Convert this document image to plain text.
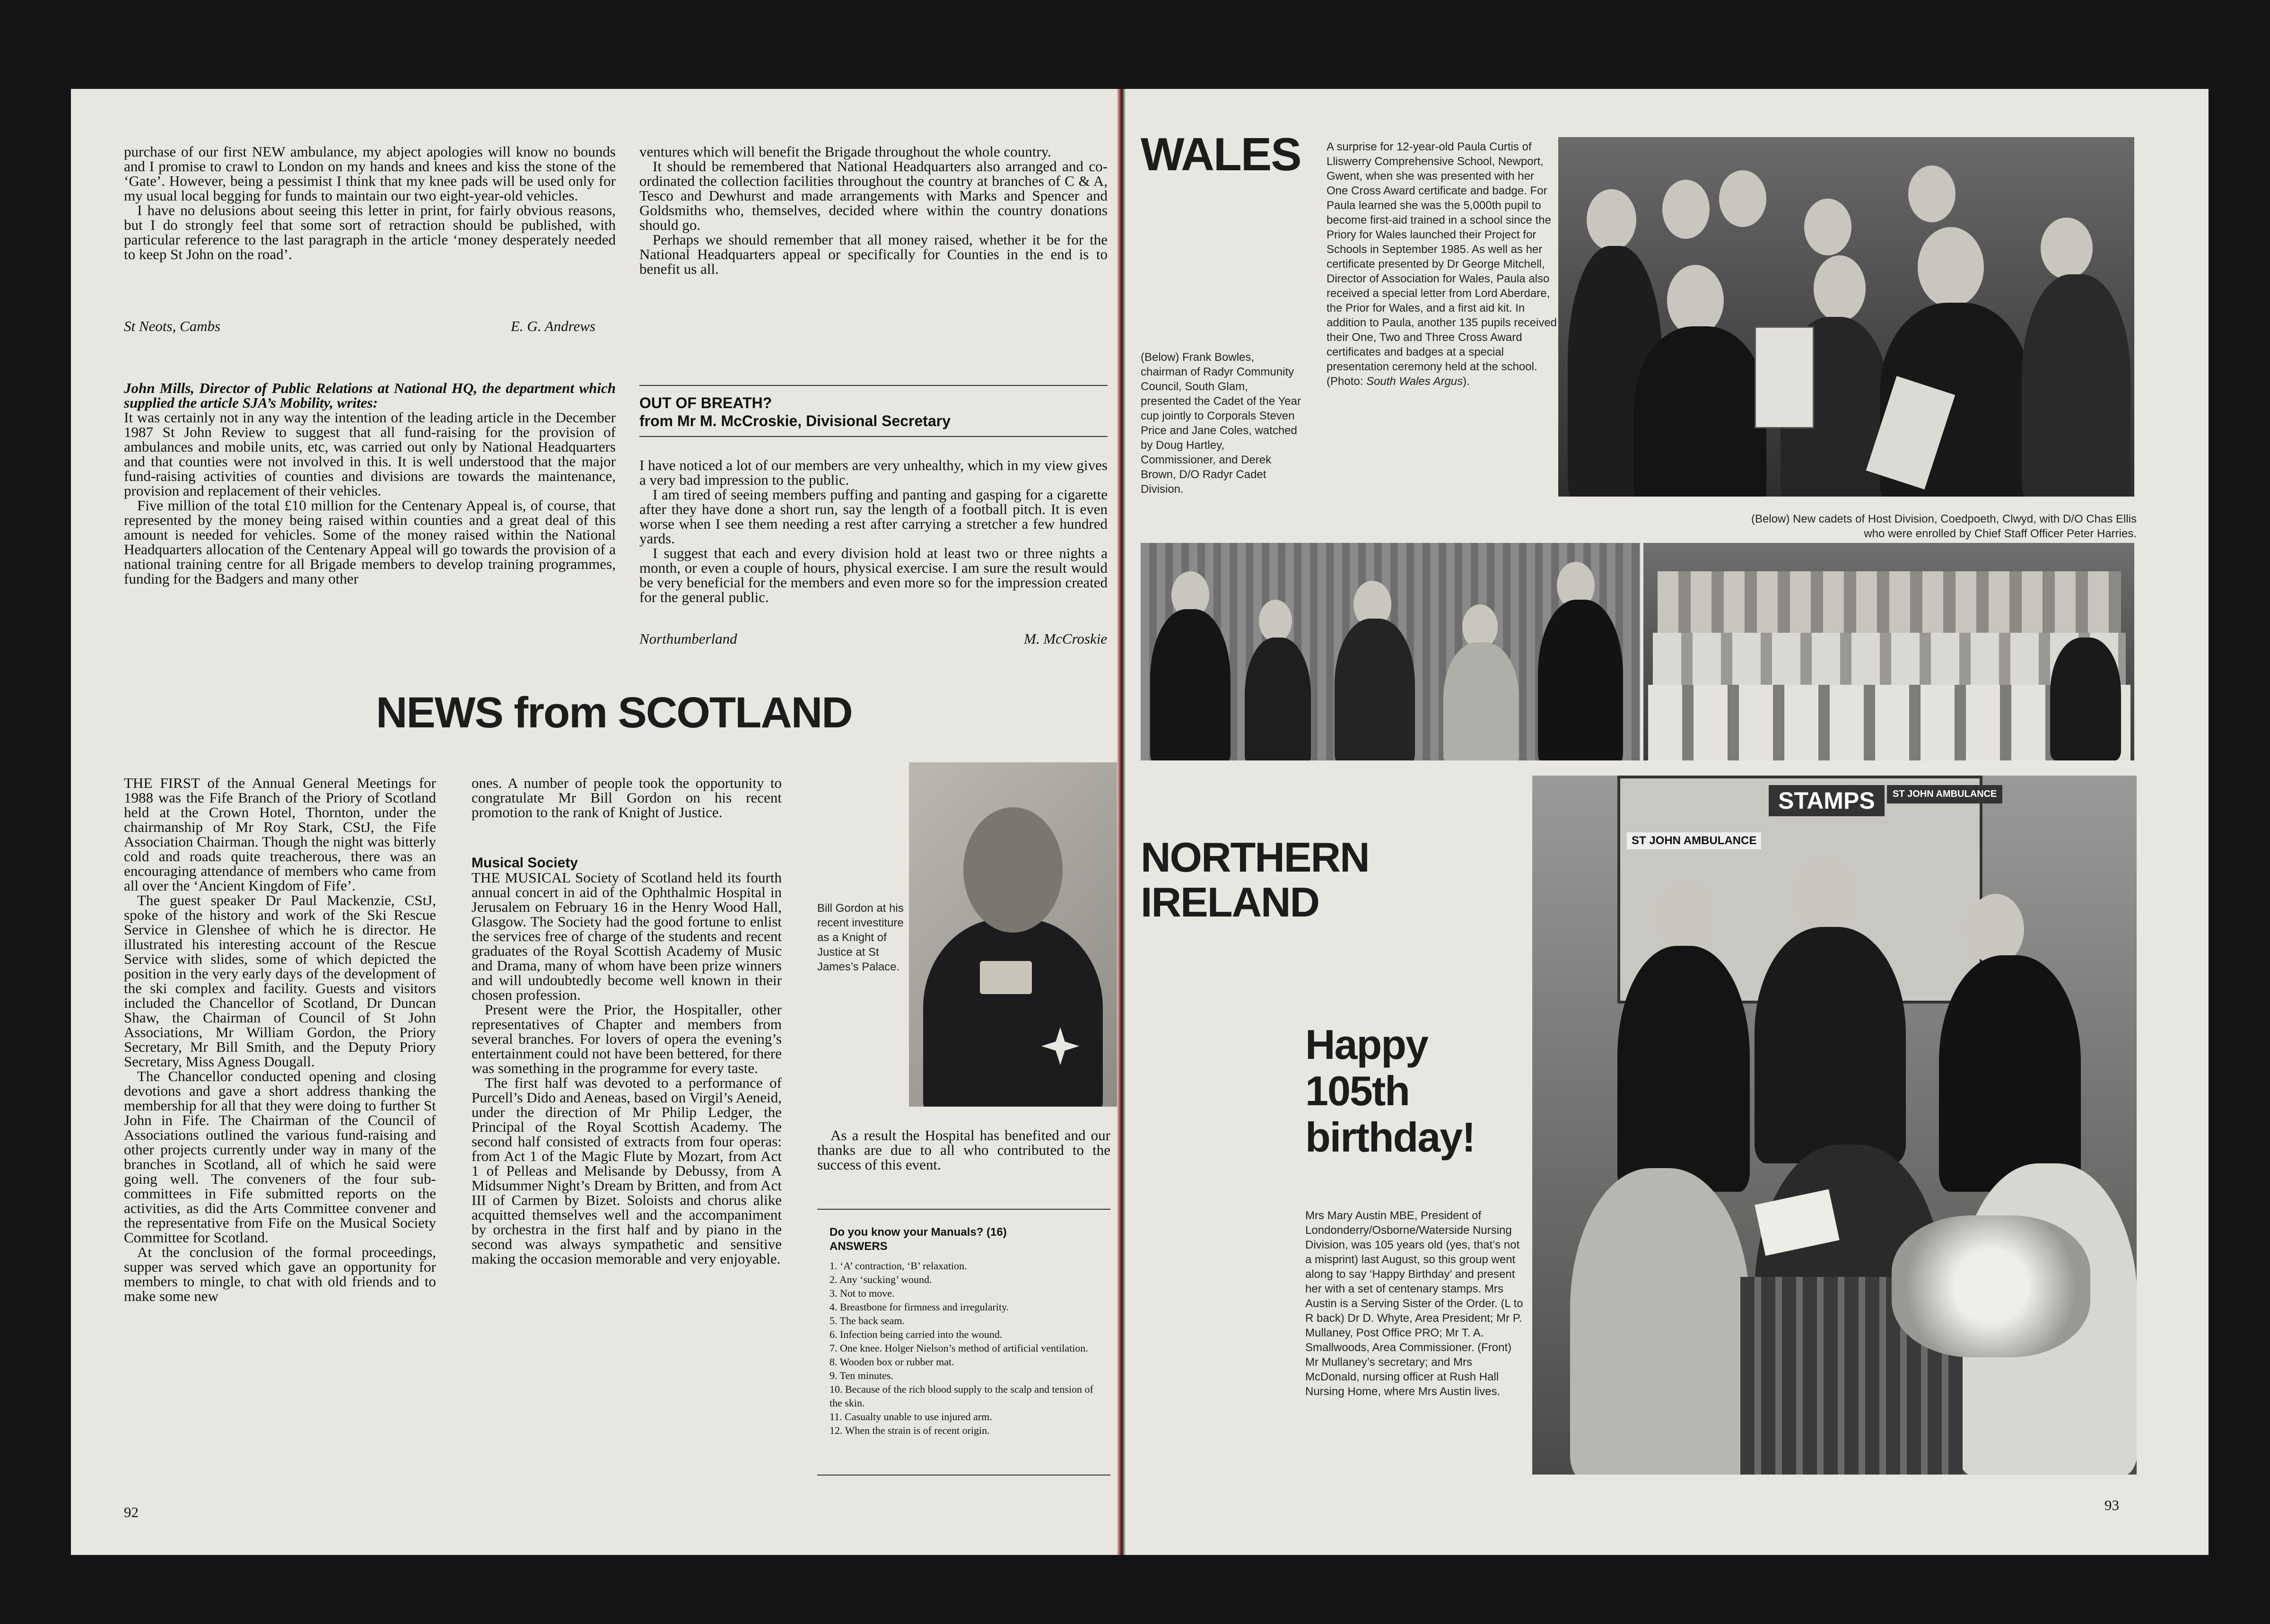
purchase of our first NEW ambulance, my abject apologies will know no bounds and I promise to crawl to London on my hands and knees and kiss the stone of the ‘Gate’. However, being a pessimist I think that my knee pads will be used only for my usual local begging for funds to maintain our two eight-year-old vehicles.

I have no delusions about seeing this letter in print, for fairly obvious reasons, but I do strongly feel that some sort of retraction should be published, with particular reference to the last paragraph in the article ‘money desperately needed to keep St John on the road’.

St Neots, Cambs	E. G. Andrews

John Mills, Director of Public Relations at National HQ, the department which supplied the article SJA’s Mobility, writes:

It was certainly not in any way the intention of the leading article in the December 1987 St John Review to suggest that all fund-raising for the provision of ambulances and mobile units, etc, was carried out only by National Headquarters and that counties were not involved in this. It is well understood that the major fund-raising activities of counties and divisions are towards the maintenance, provision and replacement of their vehicles.

Five million of the total £10 million for the Centenary Appeal is, of course, that represented by the money being raised within counties and a great deal of this amount is needed for vehicles. Some of the money raised within the National Headquarters allocation of the Centenary Appeal will go towards the provision of a national training centre for all Brigade members to develop training programmes, funding for the Badgers and many other

ventures which will benefit the Brigade throughout the whole country.

It should be remembered that National Headquarters also arranged and co-ordinated the collection facilities throughout the country at branches of C & A, Tesco and Dewhurst and made arrangements with Marks and Spencer and Goldsmiths who, themselves, decided where within the country donations should go.

Perhaps we should remember that all money raised, whether it be for the National Headquarters appeal or specifically for Counties in the end is to benefit us all.

OUT OF BREATH?
from Mr M. McCroskie, Divisional Secretary

I have noticed a lot of our members are very unhealthy, which in my view gives a very bad impression to the public.

I am tired of seeing members puffing and panting and gasping for a cigarette after they have done a short run, say the length of a football pitch. It is even worse when I see them needing a rest after carrying a stretcher a few hundred yards.

I suggest that each and every division hold at least two or three nights a month, or even a couple of hours, physical exercise. I am sure the result would be very beneficial for the members and even more so for the impression created for the general public.

Northumberland	M. McCroskie
NEWS from SCOTLAND

THE FIRST of the Annual General Meetings for 1988 was the Fife Branch of the Priory of Scotland held at the Crown Hotel, Thornton, under the chairmanship of Mr Roy Stark, CStJ, the Fife Association Chairman. Though the night was bitterly cold and roads quite treacherous, there was an encouraging attendance of members who came from all over the ‘Ancient Kingdom of Fife’.

The guest speaker Dr Paul Mackenzie, CStJ, spoke of the history and work of the Ski Rescue Service in Glenshee of which he is director. He illustrated his interesting account of the Rescue Service with slides, some of which depicted the position in the very early days of the development of the ski complex and facility. Guests and visitors included the Chancellor of Scotland, Dr Duncan Shaw, the Chairman of Council of St John Associations, Mr William Gordon, the Priory Secretary, Mr Bill Smith, and the Deputy Priory Secretary, Miss Agness Dougall.

The Chancellor conducted opening and closing devotions and gave a short address thanking the membership for all that they were doing to further St John in Fife. The Chairman of the Council of Associations outlined the various fund-raising and other projects currently under way in many of the branches in Scotland, all of which he said were going well. The conveners of the four sub-committees in Fife submitted reports on the activities, as did the Arts Committee convener and the representative from Fife on the Musical Society Committee for Scotland.

At the conclusion of the formal proceedings, supper was served which gave an opportunity for members to mingle, to chat with old friends and to make some new

ones. A number of people took the opportunity to congratulate Mr Bill Gordon on his recent promotion to the rank of Knight of Justice.

Musical Society

THE MUSICAL Society of Scotland held its fourth annual concert in aid of the Ophthalmic Hospital in Jerusalem on February 16 in the Henry Wood Hall, Glasgow. The Society had the good fortune to enlist the services free of charge of the students and recent graduates of the Royal Scottish Academy of Music and Drama, many of whom have been prize winners and will undoubtedly become well known in their chosen profession.

Present were the Prior, the Hospitaller, other representatives of Chapter and members from several branches. For lovers of opera the evening’s entertainment could not have been bettered, for there was something in the programme for every taste.

The first half was devoted to a performance of Purcell’s Dido and Aeneas, based on Virgil’s Aeneid, under the direction of Mr Philip Ledger, the Principal of the Royal Scottish Academy. The second half consisted of extracts from four operas: from Act 1 of the Magic Flute by Mozart, from Act 1 of Pelleas and Melisande by Debussy, from A Midsummer Night’s Dream by Britten, and from Act III of Carmen by Bizet. Soloists and chorus alike acquitted themselves well and the accompaniment by orchestra in the first half and by piano in the second was always sympathetic and sensitive making the occasion memorable and very enjoyable.

Bill Gordon at his recent investiture as a Knight of Justice at St James’s Palace.

As a result the Hospital has benefited and our thanks are due to all who contributed to the success of this event.

Do you know your Manuals? (16)
ANSWERS
1. ‘A’ contraction, ‘B’ relaxation.
2. Any ‘sucking’ wound.
3. Not to move.
4. Breastbone for firmness and irregularity.
5. The back seam.
6. Infection being carried into the wound.
7. One knee. Holger Nielson’s method of artificial ventilation.
8. Wooden box or rubber mat.
9. Ten minutes.
10. Because of the rich blood supply to the scalp and tension of the skin.
11. Casualty unable to use injured arm.
12. When the strain is of recent origin.
92
WALES A surprise for 12-year-old Paula Curtis of Lliswerry Comprehensive School, Newport, Gwent, when she was presented with her One Cross Award certificate and badge. For Paula learned she was the 5,000th pupil to become first-aid trained in a school since the Priory for Wales launched their Project for Schools in September 1985. As well as her certificate presented by Dr George Mitchell, Director of Association for Wales, Paula also received a special letter from Lord Aberdare, the Prior for Wales, and a first aid kit. In addition to Paula, another 135 pupils received their One, Two and Three Cross Award certificates and badges at a special presentation ceremony held at the school. (Photo: South Wales Argus).
(Below) Frank Bowles, chairman of Radyr Community Council, South Glam, presented the Cadet of the Year cup jointly to Corporals Steven Price and Jane Coles, watched by Doug Hartley, Commissioner, and Derek Brown, D/O Radyr Cadet Division.
(Below) New cadets of Host Division, Coedpoeth, Clwyd, with D/O Chas Ellis who were enrolled by Chief Staff Officer Peter Harries.
NORTHERN
IRELAND
ST JOHN AMBULANCE
STAMPS	ST JOHN AMBULANCE
Happy
105th
birthday!
Mrs Mary Austin MBE, President of Londonderry/Osborne/Waterside Nursing Division, was 105 years old (yes, that’s not a misprint) last August, so this group went along to say ‘Happy Birthday’ and present her with a set of centenary stamps. Mrs Austin is a Serving Sister of the Order. (L to R back) Dr D. Whyte, Area President; Mr P. Mullaney, Post Office PRO; Mr T. A. Smallwoods, Area Commissioner. (Front) Mr Mullaney’s secretary; and Mrs McDonald, nursing officer at Rush Hall Nursing Home, where Mrs Austin lives.
93
